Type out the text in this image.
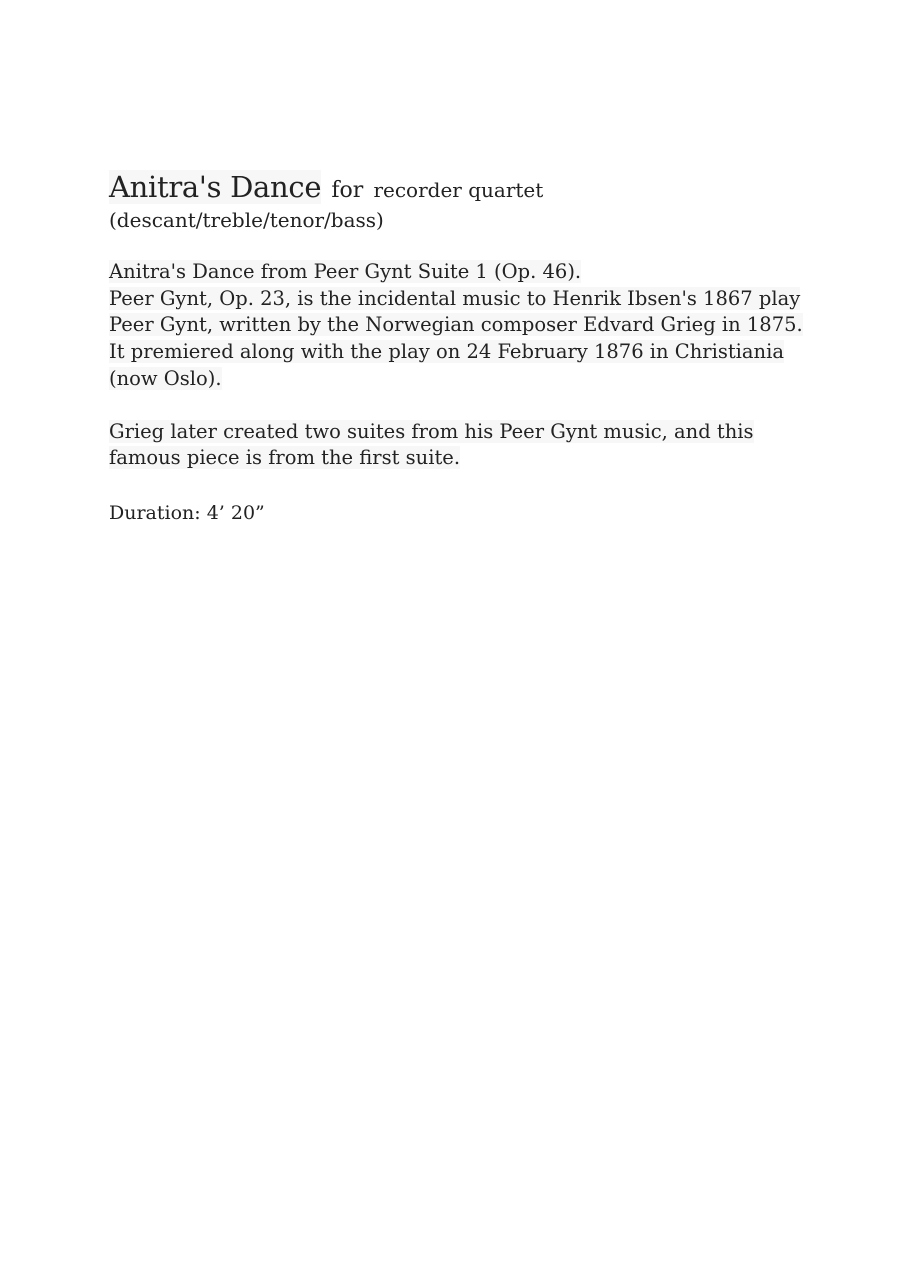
Anitra's Dance for recorder quartet

(descant/treble/tenor/bass)

Anitra's Dance from Peer Gynt Suite 1 (Op. 46).
Peer Gynt, Op. 23, is the incidental music to Henrik Ibsen's 1867 play Peer Gynt, written by the Norwegian composer Edvard Grieg in 1875. It premiered along with the play on 24 February 1876 in Christiania (now Oslo).
Grieg later created two suites from his Peer Gynt music, and this famous piece is from the first suite.

Duration: 4’ 20”
